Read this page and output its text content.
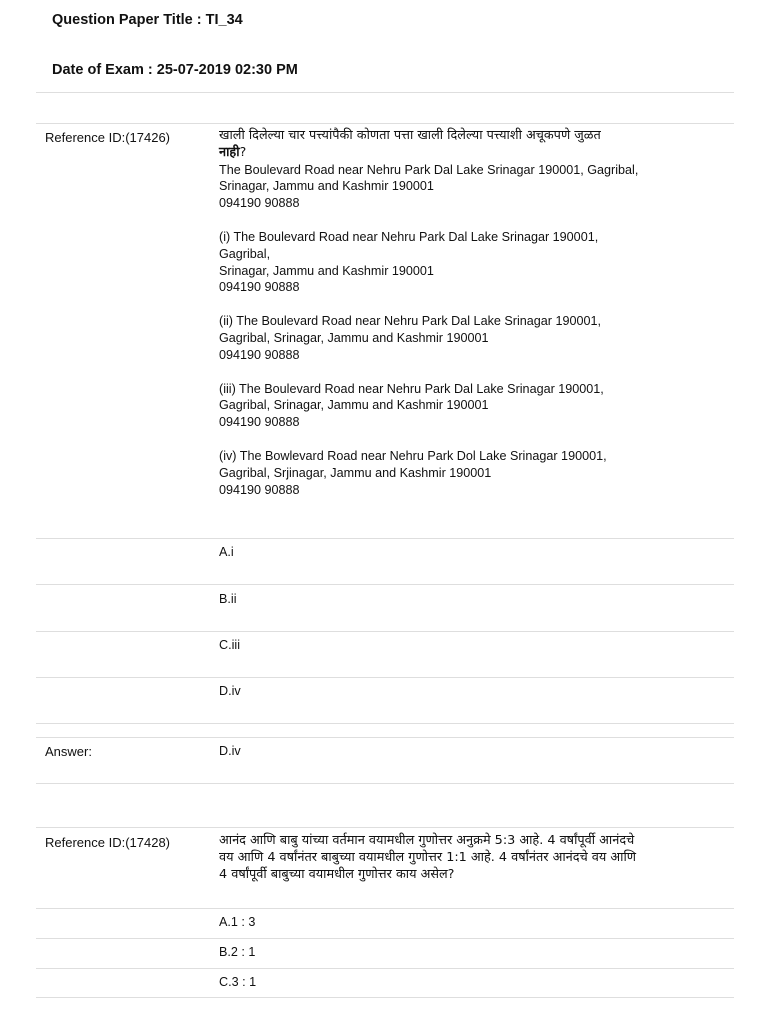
Question Paper Title : TI_34
Date of Exam : 25-07-2019 02:30 PM
Reference ID:(17426)	खाली दिलेल्या चार पत्त्यांपैकी कोणता पत्ता खाली दिलेल्या पत्त्याशी अचूकपणे जुळत

नाही?

The Boulevard Road near Nehru Park Dal Lake Srinagar 190001, Gagribal,

Srinagar, Jammu and Kashmir 190001

094190 90888

(i) The Boulevard Road near Nehru Park Dal Lake Srinagar 190001,

Gagribal,

Srinagar, Jammu and Kashmir 190001

094190 90888

(ii) The Boulevard Road near Nehru Park Dal Lake Srinagar 190001,

Gagribal, Srinagar, Jammu and Kashmir 190001

094190 90888

(iii) The Boulevard Road near Nehru Park Dal Lake Srinagar 190001,

Gagribal, Srinagar, Jammu and Kashmir 190001

094190 90888

(iv) The Bowlevard Road near Nehru Park Dol Lake Srinagar 190001,

Gagribal, Srjinagar, Jammu and Kashmir 190001

094190 90888

A.i
B.ii
C.iii
D.iv
Answer:	D.iv
Reference ID:(17428)	आनंद आणि बाबु यांच्या वर्तमान वयामधील गुणोत्तर अनुक्रमे 5:3 आहे. 4 वर्षांपूर्वी आनंदचे

वय आणि 4 वर्षांनंतर बाबुच्या वयामधील गुणोत्तर 1:1 आहे. 4 वर्षांनंतर आनंदचे वय आणि

4 वर्षांपूर्वी बाबुच्या वयामधील गुणोत्तर काय असेल?

A.1 : 3
B.2 : 1
C.3 : 1
